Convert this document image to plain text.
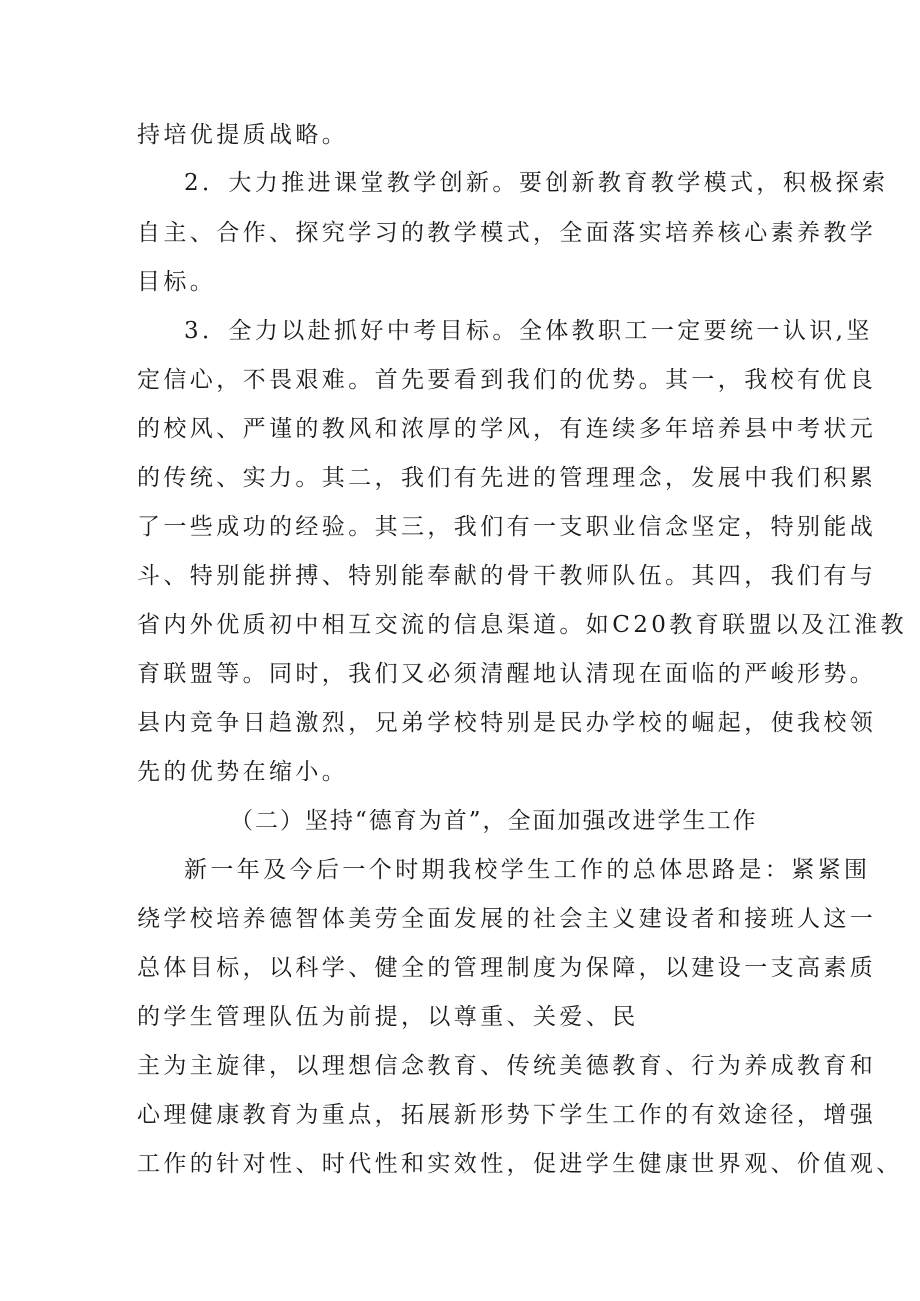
持培优提质战略。
2．大力推进课堂教学创新。要创新教育教学模式，积极探索
自主、合作、探究学习的教学模式，全面落实培养核心素养教学
目标。
3．全力以赴抓好中考目标。全体教职工一定要统一认识,坚
定信心，不畏艰难。首先要看到我们的优势。其一，我校有优良
的校风、严谨的教风和浓厚的学风，有连续多年培养县中考状元
的传统、实力。其二，我们有先进的管理理念，发展中我们积累
了一些成功的经验。其三，我们有一支职业信念坚定，特别能战
斗、特别能拼搏、特别能奉献的骨干教师队伍。其四，我们有与
省内外优质初中相互交流的信息渠道。如C20教育联盟以及江淮教
育联盟等。同时，我们又必须清醒地认清现在面临的严峻形势。
县内竞争日趋激烈，兄弟学校特别是民办学校的崛起，使我校领
先的优势在缩小。
（二）坚持“德育为首”，全面加强改进学生工作
新一年及今后一个时期我校学生工作的总体思路是：紧紧围
绕学校培养德智体美劳全面发展的社会主义建设者和接班人这一
总体目标，以科学、健全的管理制度为保障，以建设一支高素质
的学生管理队伍为前提，以尊重、关爱、民
主为主旋律，以理想信念教育、传统美德教育、行为养成教育和
心理健康教育为重点，拓展新形势下学生工作的有效途径，增强
工作的针对性、时代性和实效性，促进学生健康世界观、价值观、
